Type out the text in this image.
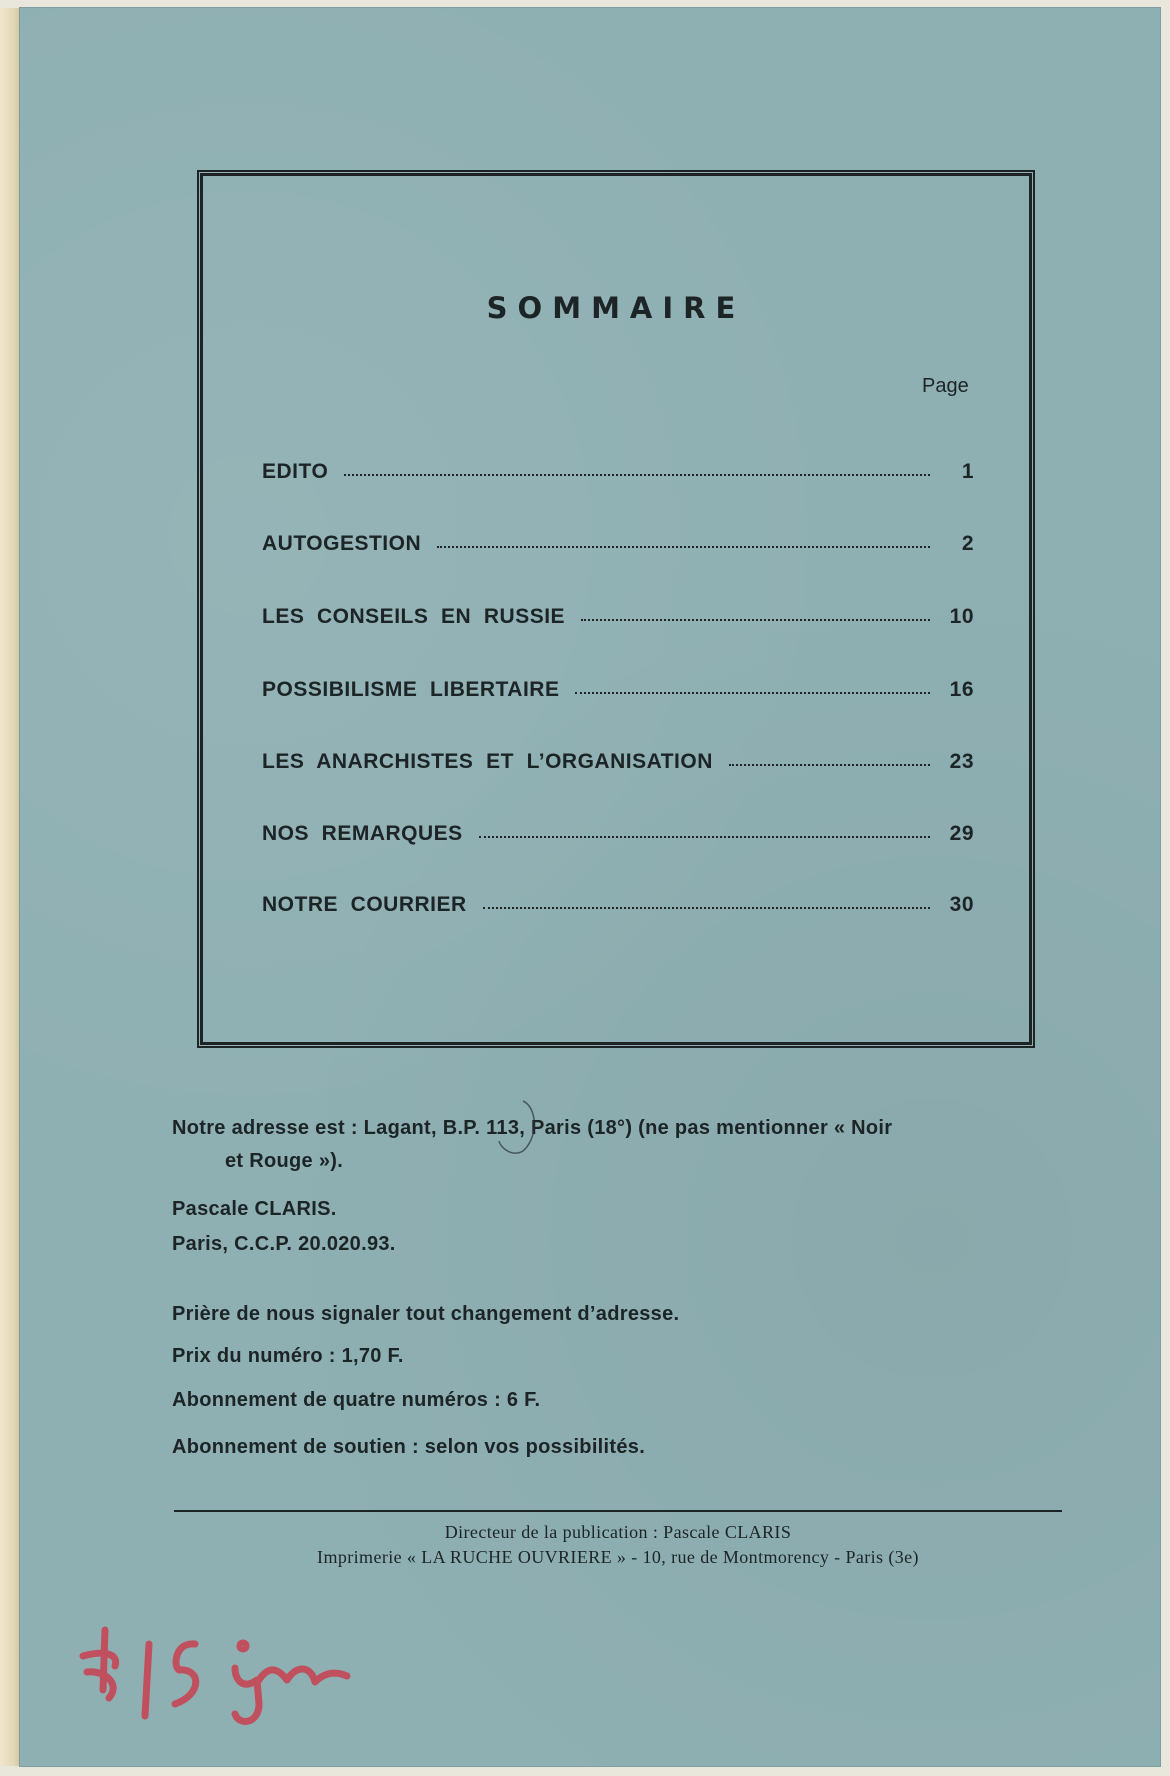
SOMMAIRE
Page
EDITO	1
AUTOGESTION	2
LES  CONSEILS  EN  RUSSIE	10
POSSIBILISME  LIBERTAIRE	16
LES  ANARCHISTES  ET  L’ORGANISATION	23
NOS  REMARQUES	29
NOTRE  COURRIER	30
Notre adresse est : Lagant, B.P. 113, Paris (18°) (ne pas mentionner « Noir
et Rouge »).
Pascale CLARIS.
Paris, C.C.P. 20.020.93.
Prière de nous signaler tout changement d’adresse.
Prix du numéro : 1,70 F.
Abonnement de quatre numéros : 6 F.
Abonnement de soutien : selon vos possibilités.
Directeur de la publication : Pascale CLARIS
Imprimerie « LA RUCHE OUVRIERE » - 10, rue de Montmorency - Paris (3e)
